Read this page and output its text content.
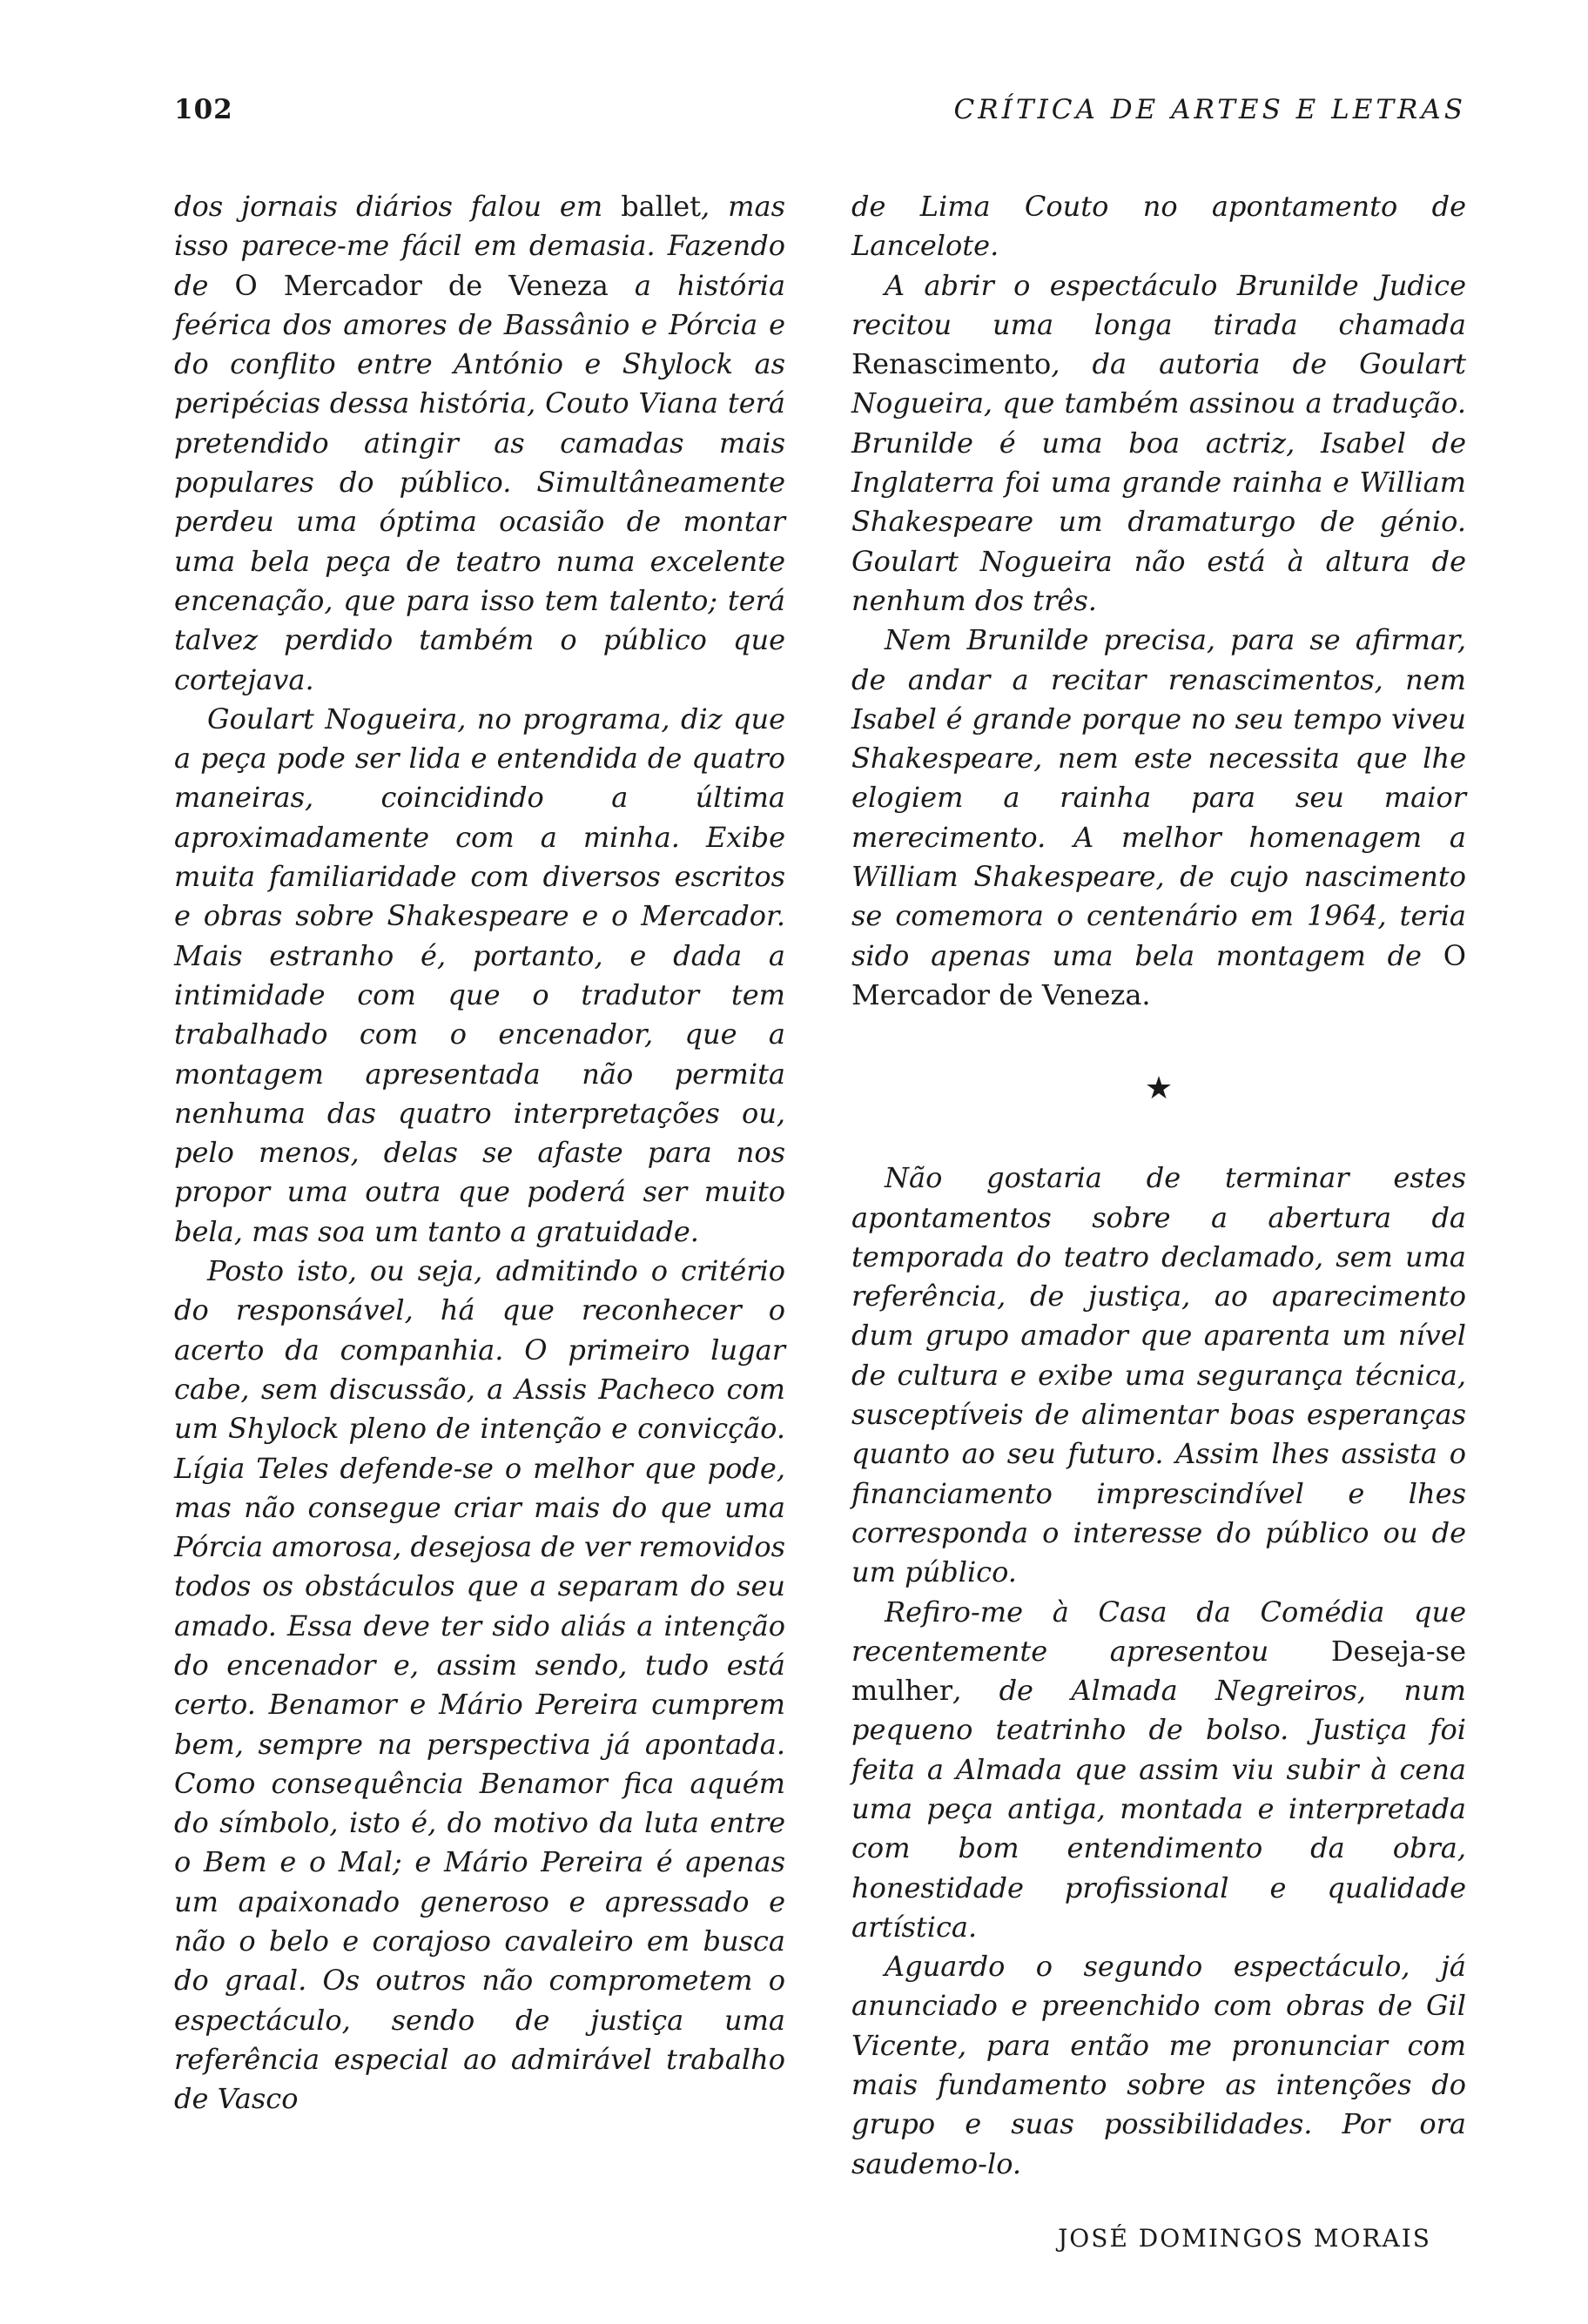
102	CRÍTICA DE ARTES E LETRAS

dos jornais diários falou em ballet, mas isso parece-me fácil em demasia. Fazendo de O Mercador de Veneza a história feérica dos amores de Bassânio e Pórcia e do conflito entre António e Shylock as peripécias dessa história, Couto Viana terá pretendido atingir as camadas mais populares do público. Simultâneamente perdeu uma óptima ocasião de montar uma bela peça de teatro numa excelente encenação, que para isso tem talento; terá talvez perdido também o público que cortejava.

Goulart Nogueira, no programa, diz que a peça pode ser lida e entendida de quatro maneiras, coincidindo a última aproximadamente com a minha. Exibe muita familiaridade com diversos escritos e obras sobre Shakespeare e o Mercador. Mais estranho é, portanto, e dada a intimidade com que o tradutor tem trabalhado com o encenador, que a montagem apresentada não permita nenhuma das quatro interpretações ou, pelo menos, delas se afaste para nos propor uma outra que poderá ser muito bela, mas soa um tanto a gratuidade.

Posto isto, ou seja, admitindo o critério do responsável, há que reconhecer o acerto da companhia. O primeiro lugar cabe, sem discussão, a Assis Pacheco com um Shylock pleno de intenção e convicção. Lígia Teles defende-se o melhor que pode, mas não consegue criar mais do que uma Pórcia amorosa, desejosa de ver removidos todos os obstáculos que a separam do seu amado. Essa deve ter sido aliás a intenção do encenador e, assim sendo, tudo está certo. Benamor e Mário Pereira cumprem bem, sempre na perspectiva já apontada. Como consequência Benamor fica aquém do símbolo, isto é, do motivo da luta entre o Bem e o Mal; e Mário Pereira é apenas um apaixonado generoso e apressado e não o belo e corajoso cavaleiro em busca do graal. Os outros não comprometem o espectáculo, sendo de justiça uma referência especial ao admirável trabalho de Vasco

de Lima Couto no apontamento de Lancelote.

A abrir o espectáculo Brunilde Judice recitou uma longa tirada chamada Renascimento, da autoria de Goulart Nogueira, que também assinou a tradução. Brunilde é uma boa actriz, Isabel de Inglaterra foi uma grande rainha e William Shakespeare um dramaturgo de génio. Goulart Nogueira não está à altura de nenhum dos três.

Nem Brunilde precisa, para se afirmar, de andar a recitar renascimentos, nem Isabel é grande porque no seu tempo viveu Shakespeare, nem este necessita que lhe elogiem a rainha para seu maior merecimento. A melhor homenagem a William Shakespeare, de cujo nascimento se comemora o centenário em 1964, teria sido apenas uma bela montagem de O Mercador de Veneza.

★

Não gostaria de terminar estes apontamentos sobre a abertura da temporada do teatro declamado, sem uma referência, de justiça, ao aparecimento dum grupo amador que aparenta um nível de cultura e exibe uma segurança técnica, susceptíveis de alimentar boas esperanças quanto ao seu futuro. Assim lhes assista o financiamento imprescindível e lhes corresponda o interesse do público ou de um público.

Refiro-me à Casa da Comédia que recentemente apresentou Deseja-se mulher, de Almada Negreiros, num pequeno teatrinho de bolso. Justiça foi feita a Almada que assim viu subir à cena uma peça antiga, montada e interpretada com bom entendimento da obra, honestidade profissional e qualidade artística.

Aguardo o segundo espectáculo, já anunciado e preenchido com obras de Gil Vicente, para então me pronunciar com mais fundamento sobre as intenções do grupo e suas possibilidades. Por ora saudemo-lo.

JOSÉ DOMINGOS MORAIS
